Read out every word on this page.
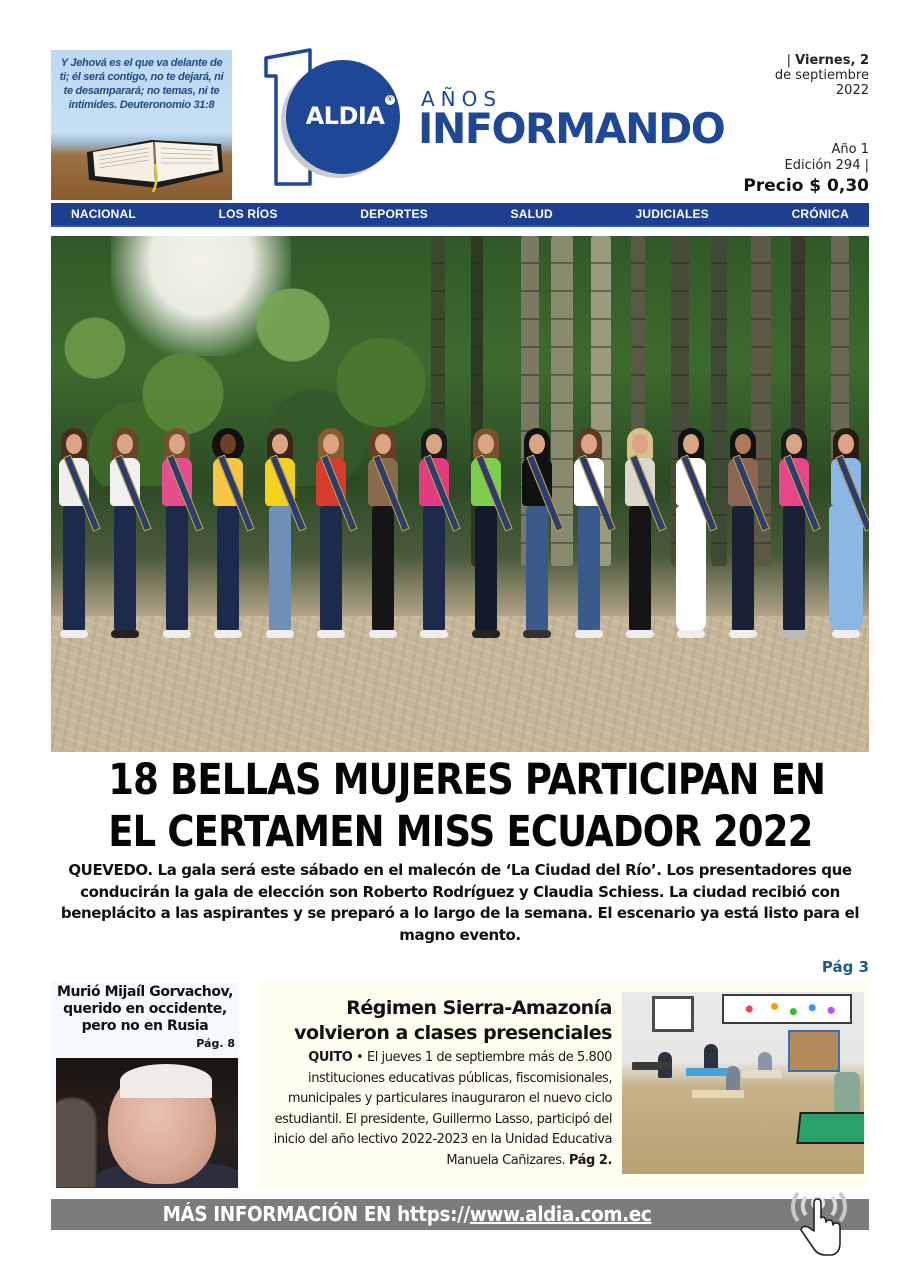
Y Jehová es el que va delante de ti; él será contigo, no te dejará, ni te desamparará; no temas, ni te intimides. Deuteronomio 31:8	ALDIA
® AÑOS
INFORMANDO
| Viernes, 2
de septiembre
2022
Año 1
Edición 294 |
Precio $ 0,30
NACIONAL	LOS RÍOS	DEPORTES	SALUD	JUDICIALES	CRÓNICA
18 BELLAS MUJERES PARTICIPAN EN
EL CERTAMEN MISS ECUADOR 2022

QUEVEDO. La gala será este sábado en el malecón de ‘La Ciudad del Río’. Los presentadores que conducirán la gala de elección son Roberto Rodríguez y Claudia Schiess. La ciudad recibió con beneplácito a las aspirantes y se preparó a lo largo de la semana. El escenario ya está listo para el magno evento.

Pág 3
Murió Mijaíl Gorvachov, querido en occidente, pero no en Rusia
Pág. 8
Régimen Sierra-Amazonía
volvieron a clases presenciales

QUITO • El jueves 1 de septiembre más de 5.800 instituciones educativas públicas, fiscomisionales, municipales y particulares inauguraron el nuevo ciclo estudiantil. El presidente, Guillermo Lasso, participó del inicio del año lectivo 2022-2023 en la Unidad Educativa Manuela Cañizares. Pág 2.

MÁS INFORMACIÓN EN https://www.aldia.com.ec
